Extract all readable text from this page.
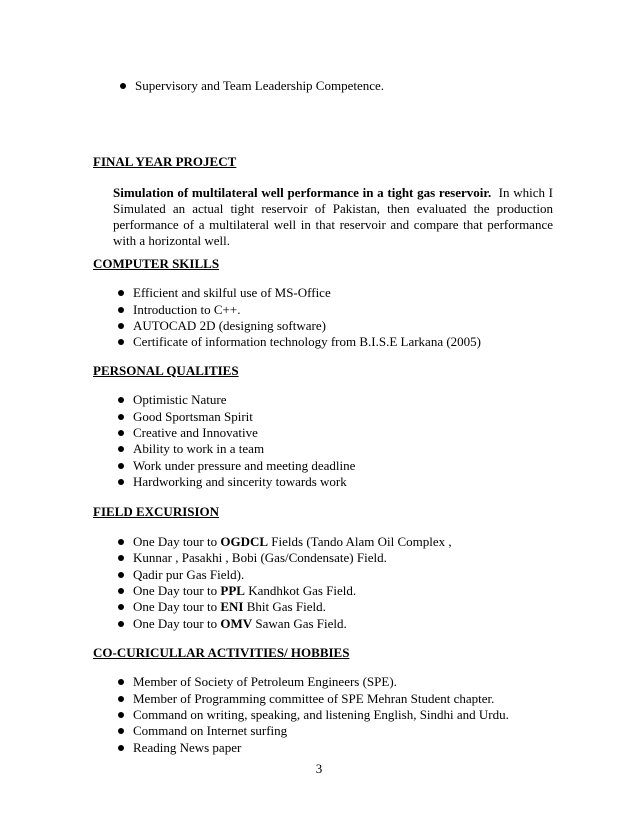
Supervisory and Team Leadership Competence.
FINAL YEAR PROJECT
Simulation of multilateral well performance in a tight gas reservoir. In which I Simulated an actual tight reservoir of Pakistan, then evaluated the production performance of a multilateral well in that reservoir and compare that performance with a horizontal well.
COMPUTER SKILLS
Efficient and skilful use of MS-Office
Introduction to C++.
AUTOCAD 2D (designing software)
Certificate of information technology from B.I.S.E Larkana (2005)
PERSONAL QUALITIES
Optimistic Nature
Good Sportsman Spirit
Creative and Innovative
Ability to work in a team
Work under pressure and meeting deadline
Hardworking and sincerity towards work
FIELD EXCURISION
One Day tour to OGDCL Fields (Tando Alam Oil Complex ,
Kunnar , Pasakhi , Bobi (Gas/Condensate) Field.
Qadir pur Gas Field).
One Day tour to PPL Kandhkot Gas Field.
One Day tour to ENI Bhit Gas Field.
One Day tour to OMV Sawan Gas Field.
CO-CURICULLAR ACTIVITIES/ HOBBIES
Member of Society of Petroleum Engineers (SPE).
Member of Programming committee of SPE Mehran Student chapter.
Command on writing, speaking, and listening English, Sindhi and Urdu.
Command on Internet surfing
Reading News paper
3
